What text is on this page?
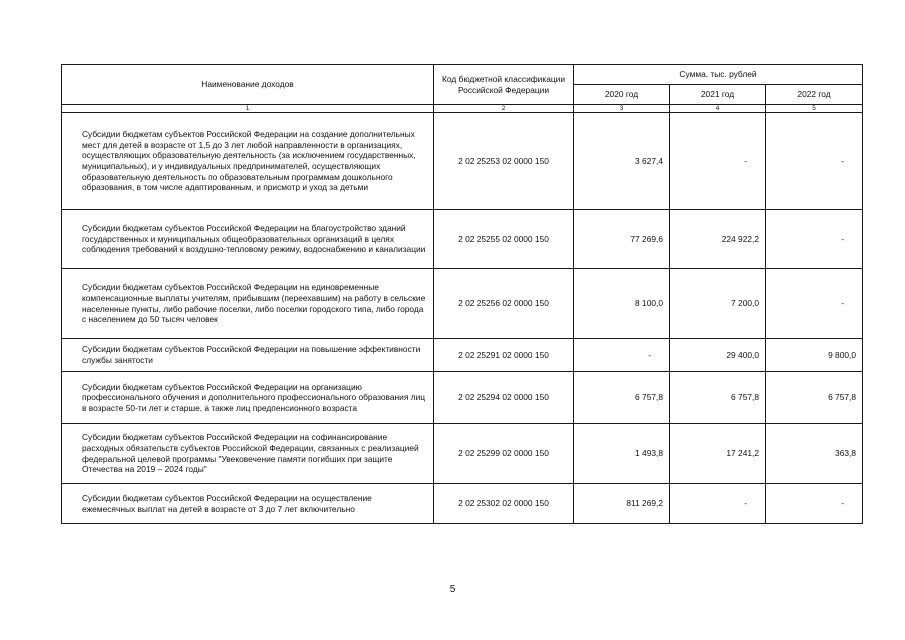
Наименование доходов	Код бюджетной классификации Российской Федерации	Сумма, тыс. рублей		
		2020 год	2021 год	2022 год
1	2	3	4	5
Субсидии бюджетам субъектов Российской Федерации на создание дополнительных мест для детей в возрасте от 1,5 до 3 лет любой направленности в организациях, осуществляющих образовательную деятельность (за исключением государственных, муниципальных), и у индивидуальных предпринимателей, осуществляющих образовательную деятельность по образовательным программам дошкольного образования, в том числе адаптированным, и присмотр и уход за детьми	2 02 25253 02 0000 150	3 627,4	-	-
Субсидии бюджетам субъектов Российской Федерации на благоустройство зданий государственных и муниципальных общеобразовательных организаций в целях соблюдения требований к воздушно-тепловому режиму, водоснабжению и канализации	2 02 25255 02 0000 150	77 269,6	224 922,2	-
Субсидии бюджетам субъектов Российской Федерации на единовременные компенсационные выплаты учителям, прибывшим (переехавшим) на работу в сельские населенные пункты, либо рабочие поселки, либо поселки городского типа, либо города с населением до 50 тысяч человек	2 02 25256 02 0000 150	8 100,0	7 200,0	-
Субсидии бюджетам субъектов Российской Федерации на повышение эффективности службы занятости	2 02 25291 02 0000 150	-	29 400,0	9 800,0
Субсидии бюджетам субъектов Российской Федерации на организацию профессионального обучения и дополнительного профессионального образования лиц в возрасте 50-ти лет и старше, а также лиц предпенсионного возраста	2 02 25294 02 0000 150	6 757,8	6 757,8	6 757,8
Субсидии бюджетам субъектов Российской Федерации на софинансирование расходных обязательств субъектов Российской Федерации, связанных с реализацией федеральной целевой программы "Увековечение памяти погибших при защите Отечества на 2019 – 2024 годы"	2 02 25299 02 0000 150	1 493,8	17 241,2	363,8
Субсидии бюджетам субъектов Российской Федерации на осуществление ежемесячных выплат на детей в возрасте от 3 до 7 лет включительно	2 02 25302 02 0000 150	811 269,2	-	-
5
